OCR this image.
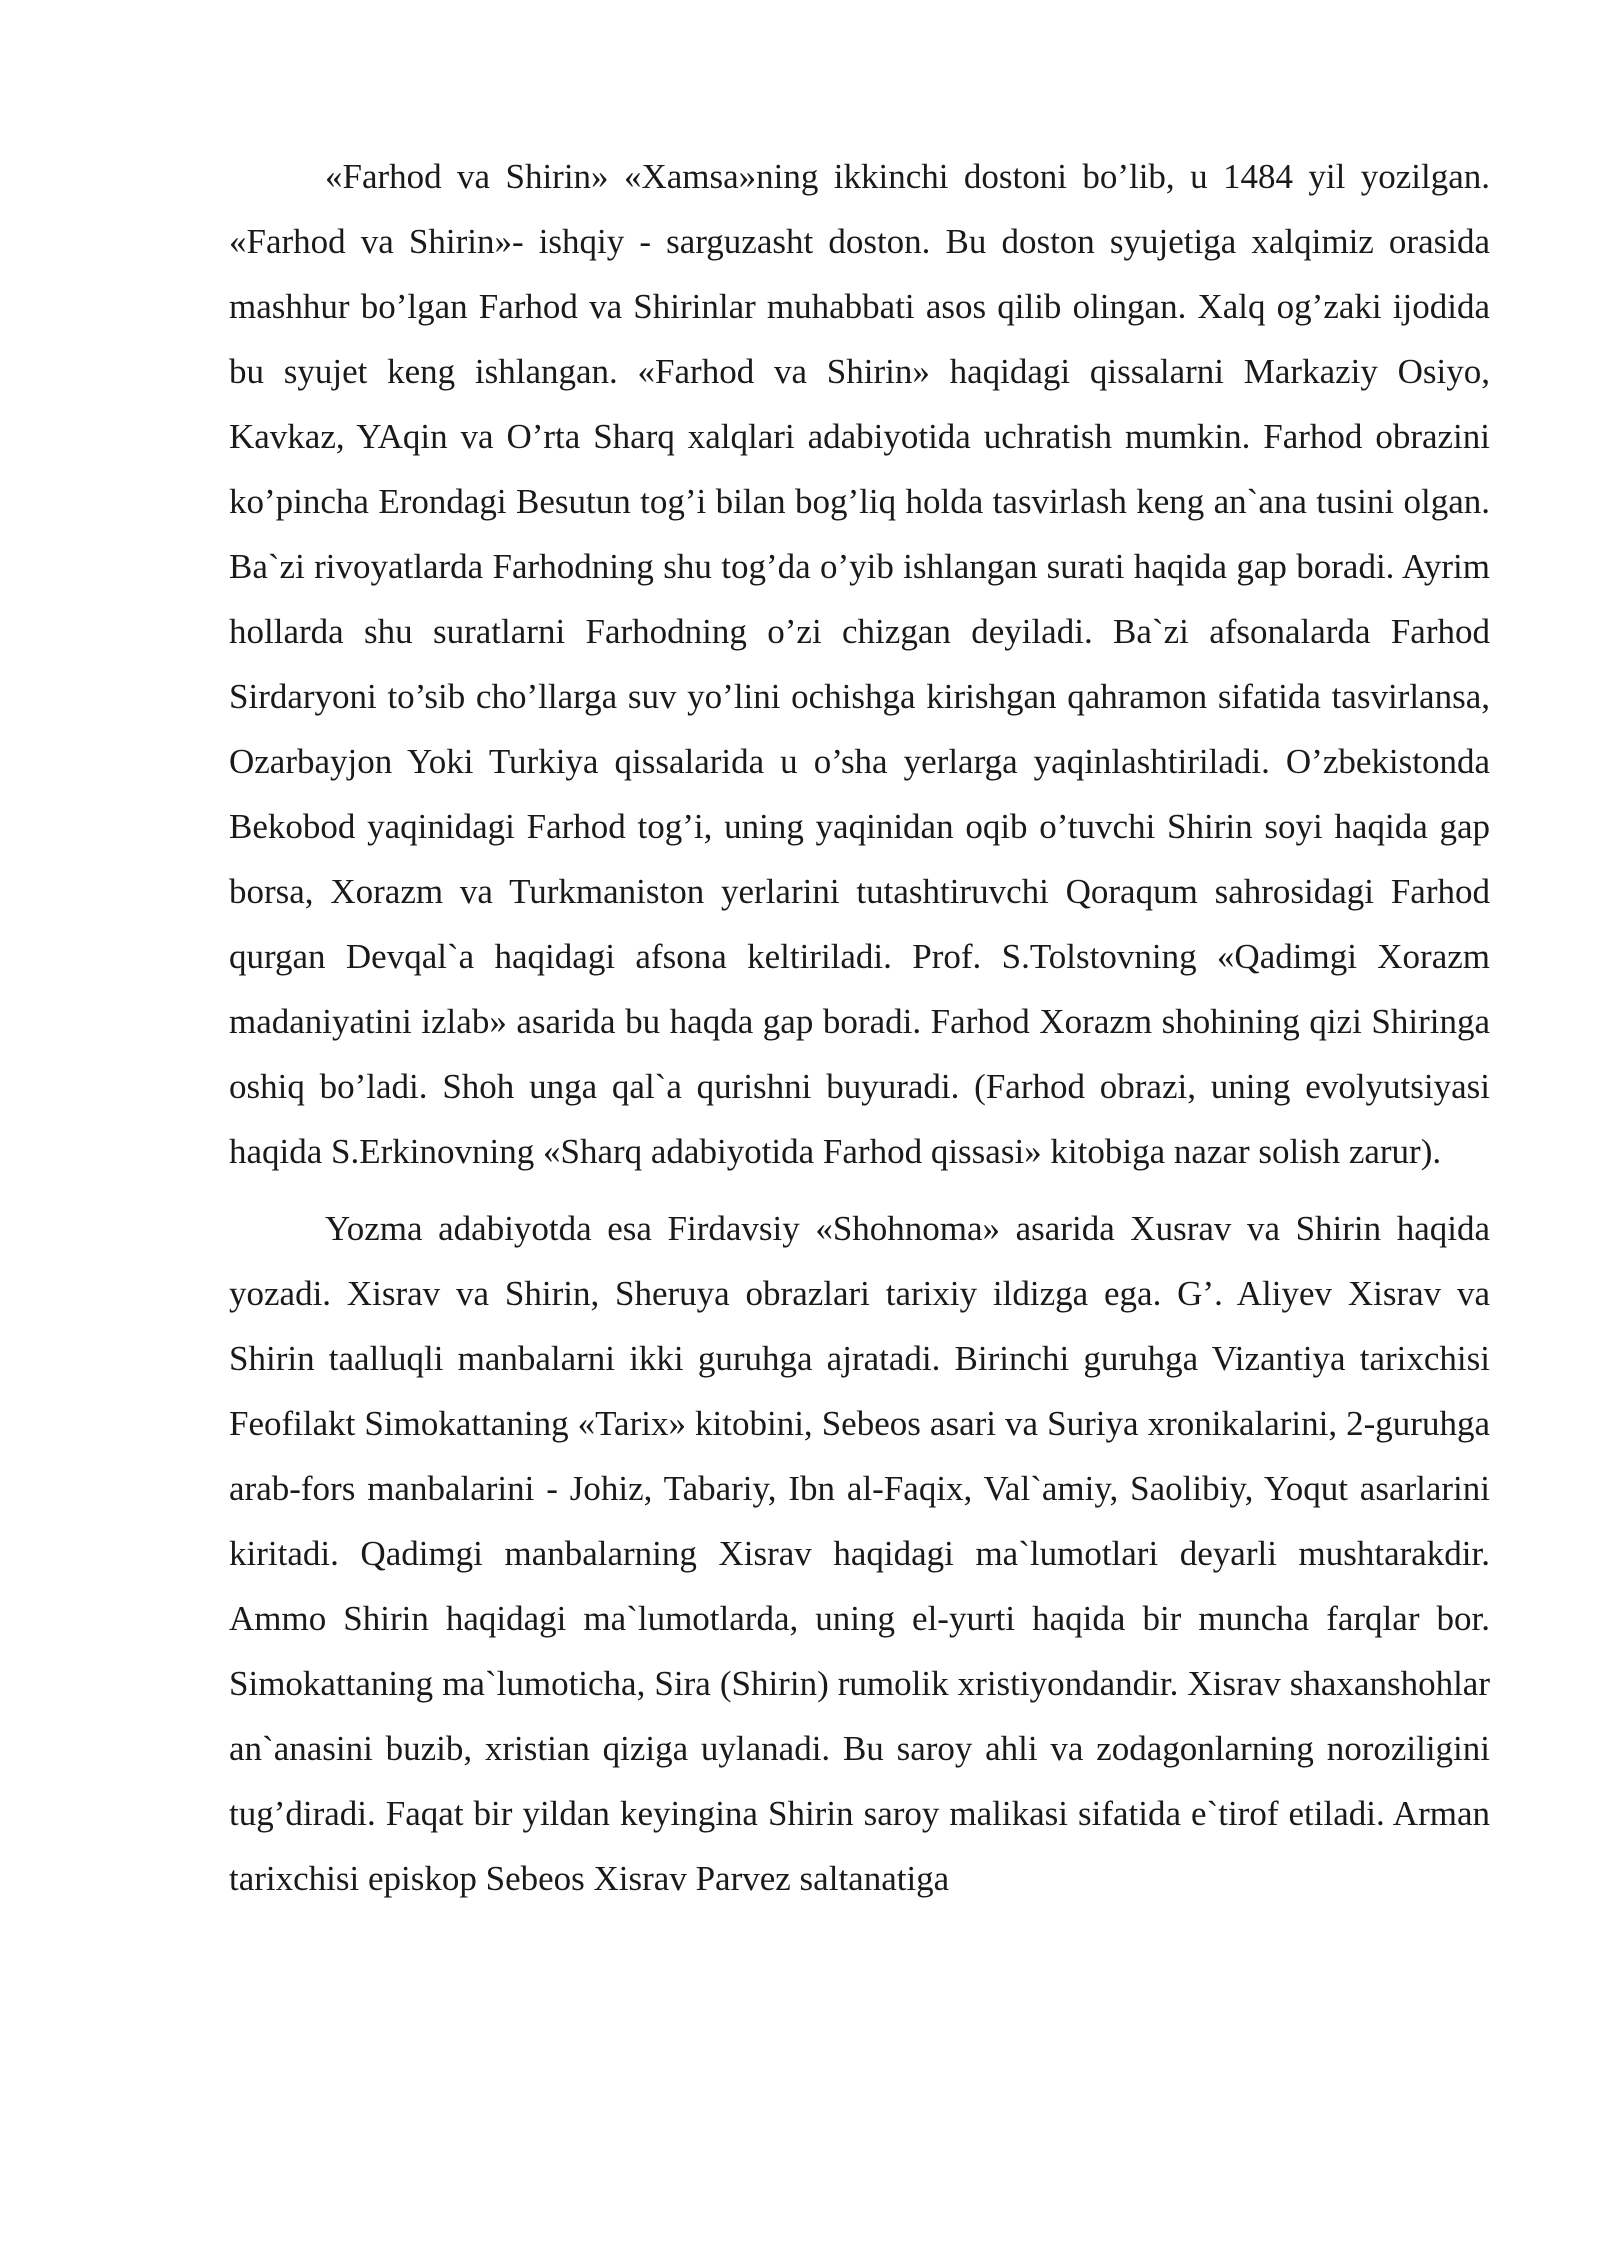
«Farhod va Shirin» «Xamsa»ning ikkinchi dostoni bo’lib, u 1484 yil yozilgan. «Farhod va Shirin»- ishqiy - sarguzasht doston. Bu doston syujetiga xalqimiz orasida mashhur bo’lgan Farhod va Shirinlar muhabbati asos qilib olingan. Xalq og’zaki ijodida bu syujet keng ishlangan. «Farhod va Shirin» haqidagi qissalarni Markaziy Osiyo, Kavkaz, YAqin va O’rta Sharq xalqlari adabiyotida uchratish mumkin. Farhod obrazini ko’pincha Erondagi Besutun tog’i bilan bog’liq holda tasvirlash keng an`ana tusini olgan. Ba`zi rivoyatlarda Farhodning shu tog’da o’yib ishlangan surati haqida gap boradi. Ayrim hollarda shu suratlarni Farhodning o’zi chizgan deyiladi. Ba`zi afsonalarda Farhod Sirdaryoni to’sib cho’llarga suv yo’lini ochishga kirishgan qahramon sifatida tasvirlansa, Ozarbayjon Yoki Turkiya qissalarida u o’sha yerlarga yaqinlashtiriladi. O’zbekistonda Bekobod yaqinidagi Farhod tog’i, uning yaqinidan oqib o’tuvchi Shirin soyi haqida gap borsa, Xorazm va Turkmaniston yerlarini tutashtiruvchi Qoraqum sahrosidagi Farhod qurgan Devqal`a haqidagi afsona keltiriladi. Prof. S.Tolstovning «Qadimgi Xorazm madaniyatini izlab» asarida bu haqda gap boradi. Farhod Xorazm shohining qizi Shiringa oshiq bo’ladi. Shoh unga qal`a qurishni buyuradi. (Farhod obrazi, uning evolyutsiyasi haqida S.Erkinovning «Sharq adabiyotida Farhod qissasi» kitobiga nazar solish zarur).

Yozma adabiyotda esa Firdavsiy «Shohnoma» asarida Xusrav va Shirin haqida yozadi. Xisrav va Shirin, Sheruya obrazlari tarixiy ildizga ega. G’. Aliyev Xisrav va Shirin taalluqli manbalarni ikki guruhga ajratadi. Birinchi guruhga Vizantiya tarixchisi Feofilakt Simokattaning «Tarix» kitobini, Sebeos asari va Suriya xronikalarini, 2-guruhga arab-fors manbalarini - Johiz, Tabariy, Ibn al-Faqix, Val`amiy, Saolibiy, Yoqut asarlarini kiritadi. Qadimgi manbalarning Xisrav haqidagi ma`lumotlari deyarli mushtarakdir. Ammo Shirin haqidagi ma`lumotlarda, uning el-yurti haqida bir muncha farqlar bor. Simokattaning ma`lumoticha, Sira (Shirin) rumolik xristiyondandir. Xisrav shaxanshohlar an`anasini buzib, xristian qiziga uylanadi. Bu saroy ahli va zodagonlarning noroziligini tug’diradi. Faqat bir yildan keyingina Shirin saroy malikasi sifatida e`tirof etiladi. Arman tarixchisi episkop Sebeos Xisrav Parvez saltanatiga
